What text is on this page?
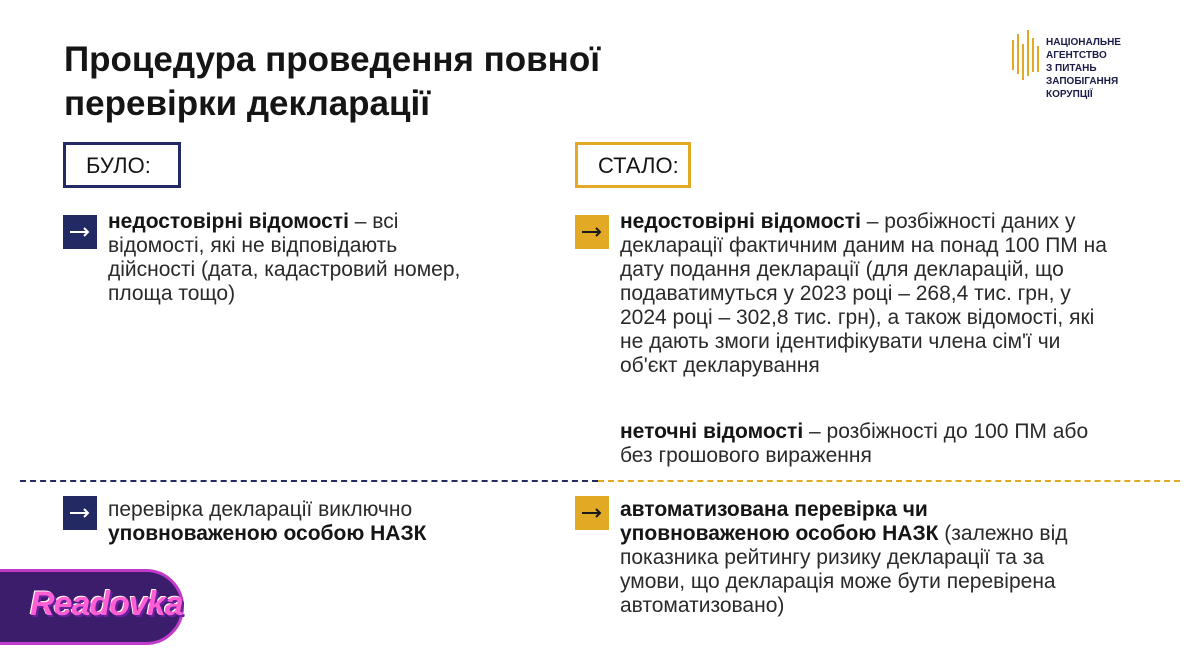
Процедура проведення повної перевірки декларації
НАЦІОНАЛЬНЕ АГЕНТСТВО
З ПИТАНЬ ЗАПОБІГАННЯ
КОРУПЦІЇ
БУЛО:	СТАЛО:

недостовірні відомості – всі відомості, які не відповідають дійсності (дата, кадастровий номер, площа тощо)

перевірка декларації виключно уповноваженою особою НАЗК

недостовірні відомості – розбіжності даних у декларації фактичним даним на понад 100 ПМ на дату подання декларації (для декларацій, що подаватимуться у 2023 році – 268,4 тис. грн, у 2024 році – 302,8 тис. грн), а також відомості, які не дають змоги ідентифікувати члена сім'ї чи об'єкт декларування

неточні відомості – розбіжності до 100 ПМ або без грошового вираження

автоматизована перевірка чи уповноваженою особою НАЗК (залежно від показника рейтингу ризику декларації та за умови, що декларація може бути перевірена автоматизовано)

Readovka
